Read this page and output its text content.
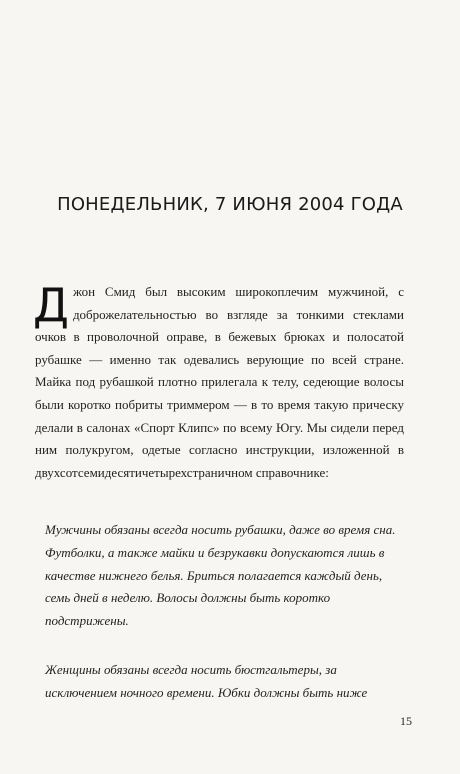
ПОНЕДЕЛЬНИК, 7 ИЮНЯ 2004 ГОДА

Джон Смид был высоким широкоплечим мужчиной, с доброжелательностью во взгляде за тонкими стеклами очков в проволочной оправе, в бежевых брюках и полосатой рубашке — именно так одевались верующие по всей стране. Майка под рубашкой плотно прилегала к телу, седеющие волосы были коротко побриты триммером — в то время такую прическу делали в салонах «Спорт Клипс» по всему Югу. Мы сидели перед ним полукругом, одетые согласно инструкции, изложенной в двухсотсемидесятичетырехстраничном справочнике:

Мужчины обязаны всегда носить рубашки, даже во время сна. Футболки, а также майки и безрукавки допускаются лишь в качестве нижнего белья. Бриться полагается каждый день, семь дней в неделю. Волосы должны быть коротко подстрижены.

Женщины обязаны всегда носить бюстгальтеры, за исключением ночного времени. Юбки должны быть ниже

15
